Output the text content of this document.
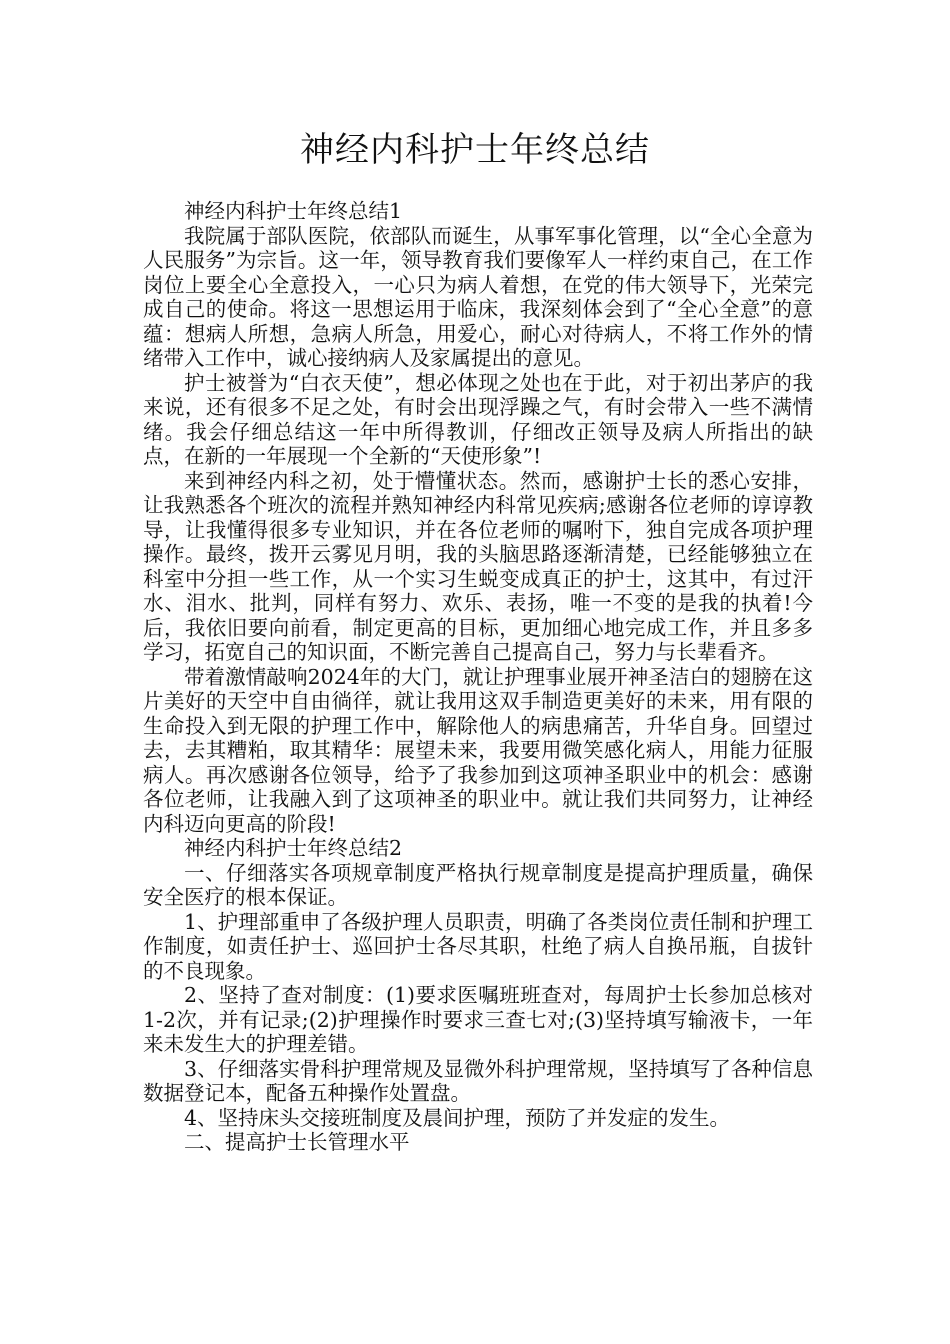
神经内科护士年终总结

神经内科护士年终总结1

我院属于部队医院，依部队而诞生，从事军事化管理，以“全心全意为人民服务”为宗旨。这一年，领导教育我们要像军人一样约束自己，在工作岗位上要全心全意投入，一心只为病人着想，在党的伟大领导下，光荣完成自己的使命。将这一思想运用于临床，我深刻体会到了“全心全意”的意蕴：想病人所想，急病人所急，用爱心，耐心对待病人，不将工作外的情绪带入工作中，诚心接纳病人及家属提出的意见。

护士被誉为“白衣天使”，想必体现之处也在于此，对于初出茅庐的我来说，还有很多不足之处，有时会出现浮躁之气，有时会带入一些不满情绪。我会仔细总结这一年中所得教训，仔细改正领导及病人所指出的缺点，在新的一年展现一个全新的“天使形象”!

来到神经内科之初，处于懵懂状态。然而，感谢护士长的悉心安排，让我熟悉各个班次的流程并熟知神经内科常见疾病;感谢各位老师的谆谆教导，让我懂得很多专业知识，并在各位老师的嘱咐下，独自完成各项护理操作。最终，拨开云雾见月明，我的头脑思路逐渐清楚，已经能够独立在科室中分担一些工作，从一个实习生蜕变成真正的护士，这其中，有过汗水、泪水、批判，同样有努力、欢乐、表扬，唯一不变的是我的执着!今后，我依旧要向前看，制定更高的目标，更加细心地完成工作，并且多多学习，拓宽自己的知识面，不断完善自己提高自己，努力与长辈看齐。

带着激情敲响2024年的大门，就让护理事业展开神圣洁白的翅膀在这片美好的天空中自由徜徉，就让我用这双手制造更美好的未来，用有限的生命投入到无限的护理工作中，解除他人的病患痛苦，升华自身。回望过去，去其糟粕，取其精华：展望未来，我要用微笑感化病人，用能力征服病人。再次感谢各位领导，给予了我参加到这项神圣职业中的机会：感谢各位老师，让我融入到了这项神圣的职业中。就让我们共同努力，让神经内科迈向更高的阶段!

神经内科护士年终总结2

一、仔细落实各项规章制度严格执行规章制度是提高护理质量，确保安全医疗的根本保证。

1、护理部重申了各级护理人员职责，明确了各类岗位责任制和护理工作制度，如责任护士、巡回护士各尽其职，杜绝了病人自换吊瓶，自拔针的不良现象。

2、坚持了查对制度：(1)要求医嘱班班查对，每周护士长参加总核对1-2次，并有记录;(2)护理操作时要求三查七对;(3)坚持填写输液卡，一年来未发生大的护理差错。

3、仔细落实骨科护理常规及显微外科护理常规，坚持填写了各种信息数据登记本，配备五种操作处置盘。

4、坚持床头交接班制度及晨间护理，预防了并发症的发生。

二、提高护士长管理水平
